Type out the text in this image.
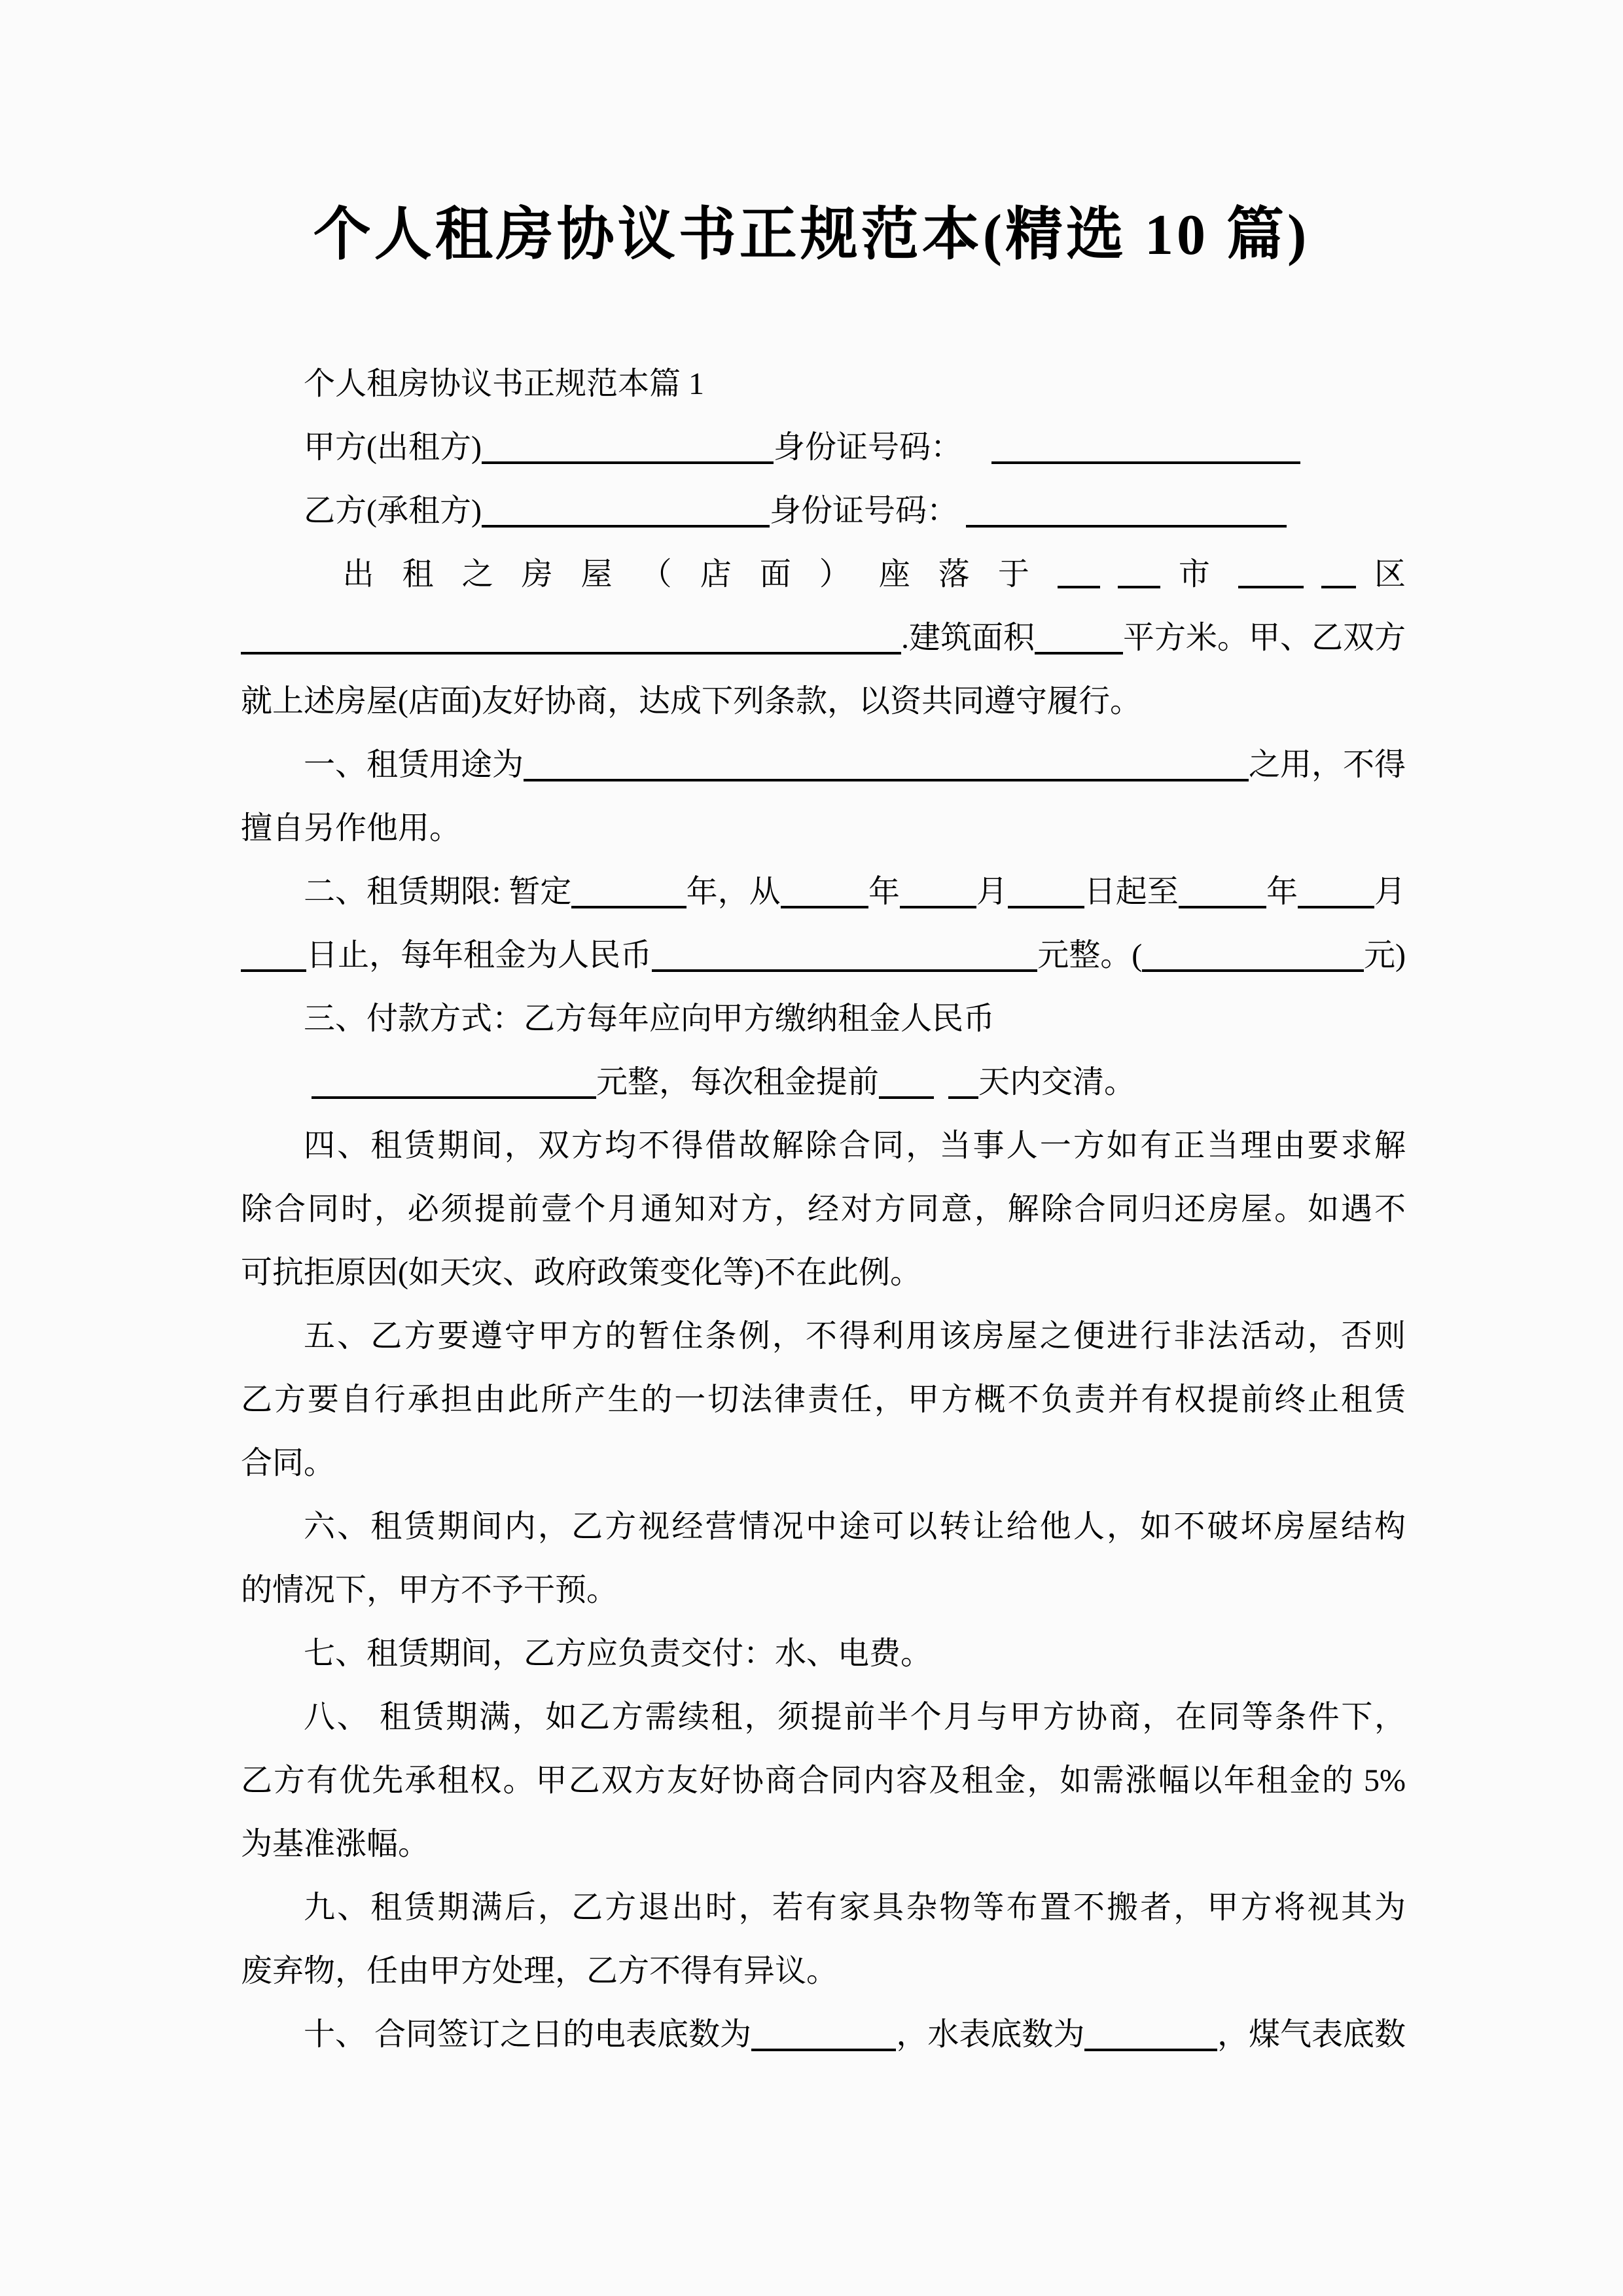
个人租房协议书正规范本(精选 10 篇)

个人租房协议书正规范本篇 1

甲方(出租方)	身份证号码：

乙方(承租方)	身份证号码：

出 租 之 房 屋 （ 店 面 ） 座 落 于	市	区

.建筑面积	平方米。甲、乙双方

就上述房屋(店面)友好协商，达成下列条款，以资共同遵守履行。

一、租赁用途为	之用，不得

擅自另作他用。

二、租赁期限: 暂定	年，从	年 月 日起至	年 月

日止，每年租金为人民币	元整。(	元)

三、付款方式：乙方每年应向甲方缴纳租金人民币

元整，每次租金提前	天内交清。

四、租赁期间，双方均不得借故解除合同，当事人一方如有正当理由要求解

除合同时，必须提前壹个月通知对方，经对方同意，解除合同归还房屋。如遇不

可抗拒原因(如天灾、政府政策变化等)不在此例。

五、乙方要遵守甲方的暂住条例，不得利用该房屋之便进行非法活动，否则

乙方要自行承担由此所产生的一切法律责任，甲方概不负责并有权提前终止租赁

合同。

六、租赁期间内，乙方视经营情况中途可以转让给他人，如不破坏房屋结构

的情况下，甲方不予干预。

七、租赁期间，乙方应负责交付：水、电费。

八、 租赁期满，如乙方需续租，须提前半个月与甲方协商，在同等条件下，

乙方有优先承租权。甲乙双方友好协商合同内容及租金，如需涨幅以年租金的 5%

为基准涨幅。

九、租赁期满后，乙方退出时，若有家具杂物等布置不搬者，甲方将视其为

废弃物，任由甲方处理，乙方不得有异议。

十、 合同签订之日的电表底数为	，水表底数为	，煤气表底数
